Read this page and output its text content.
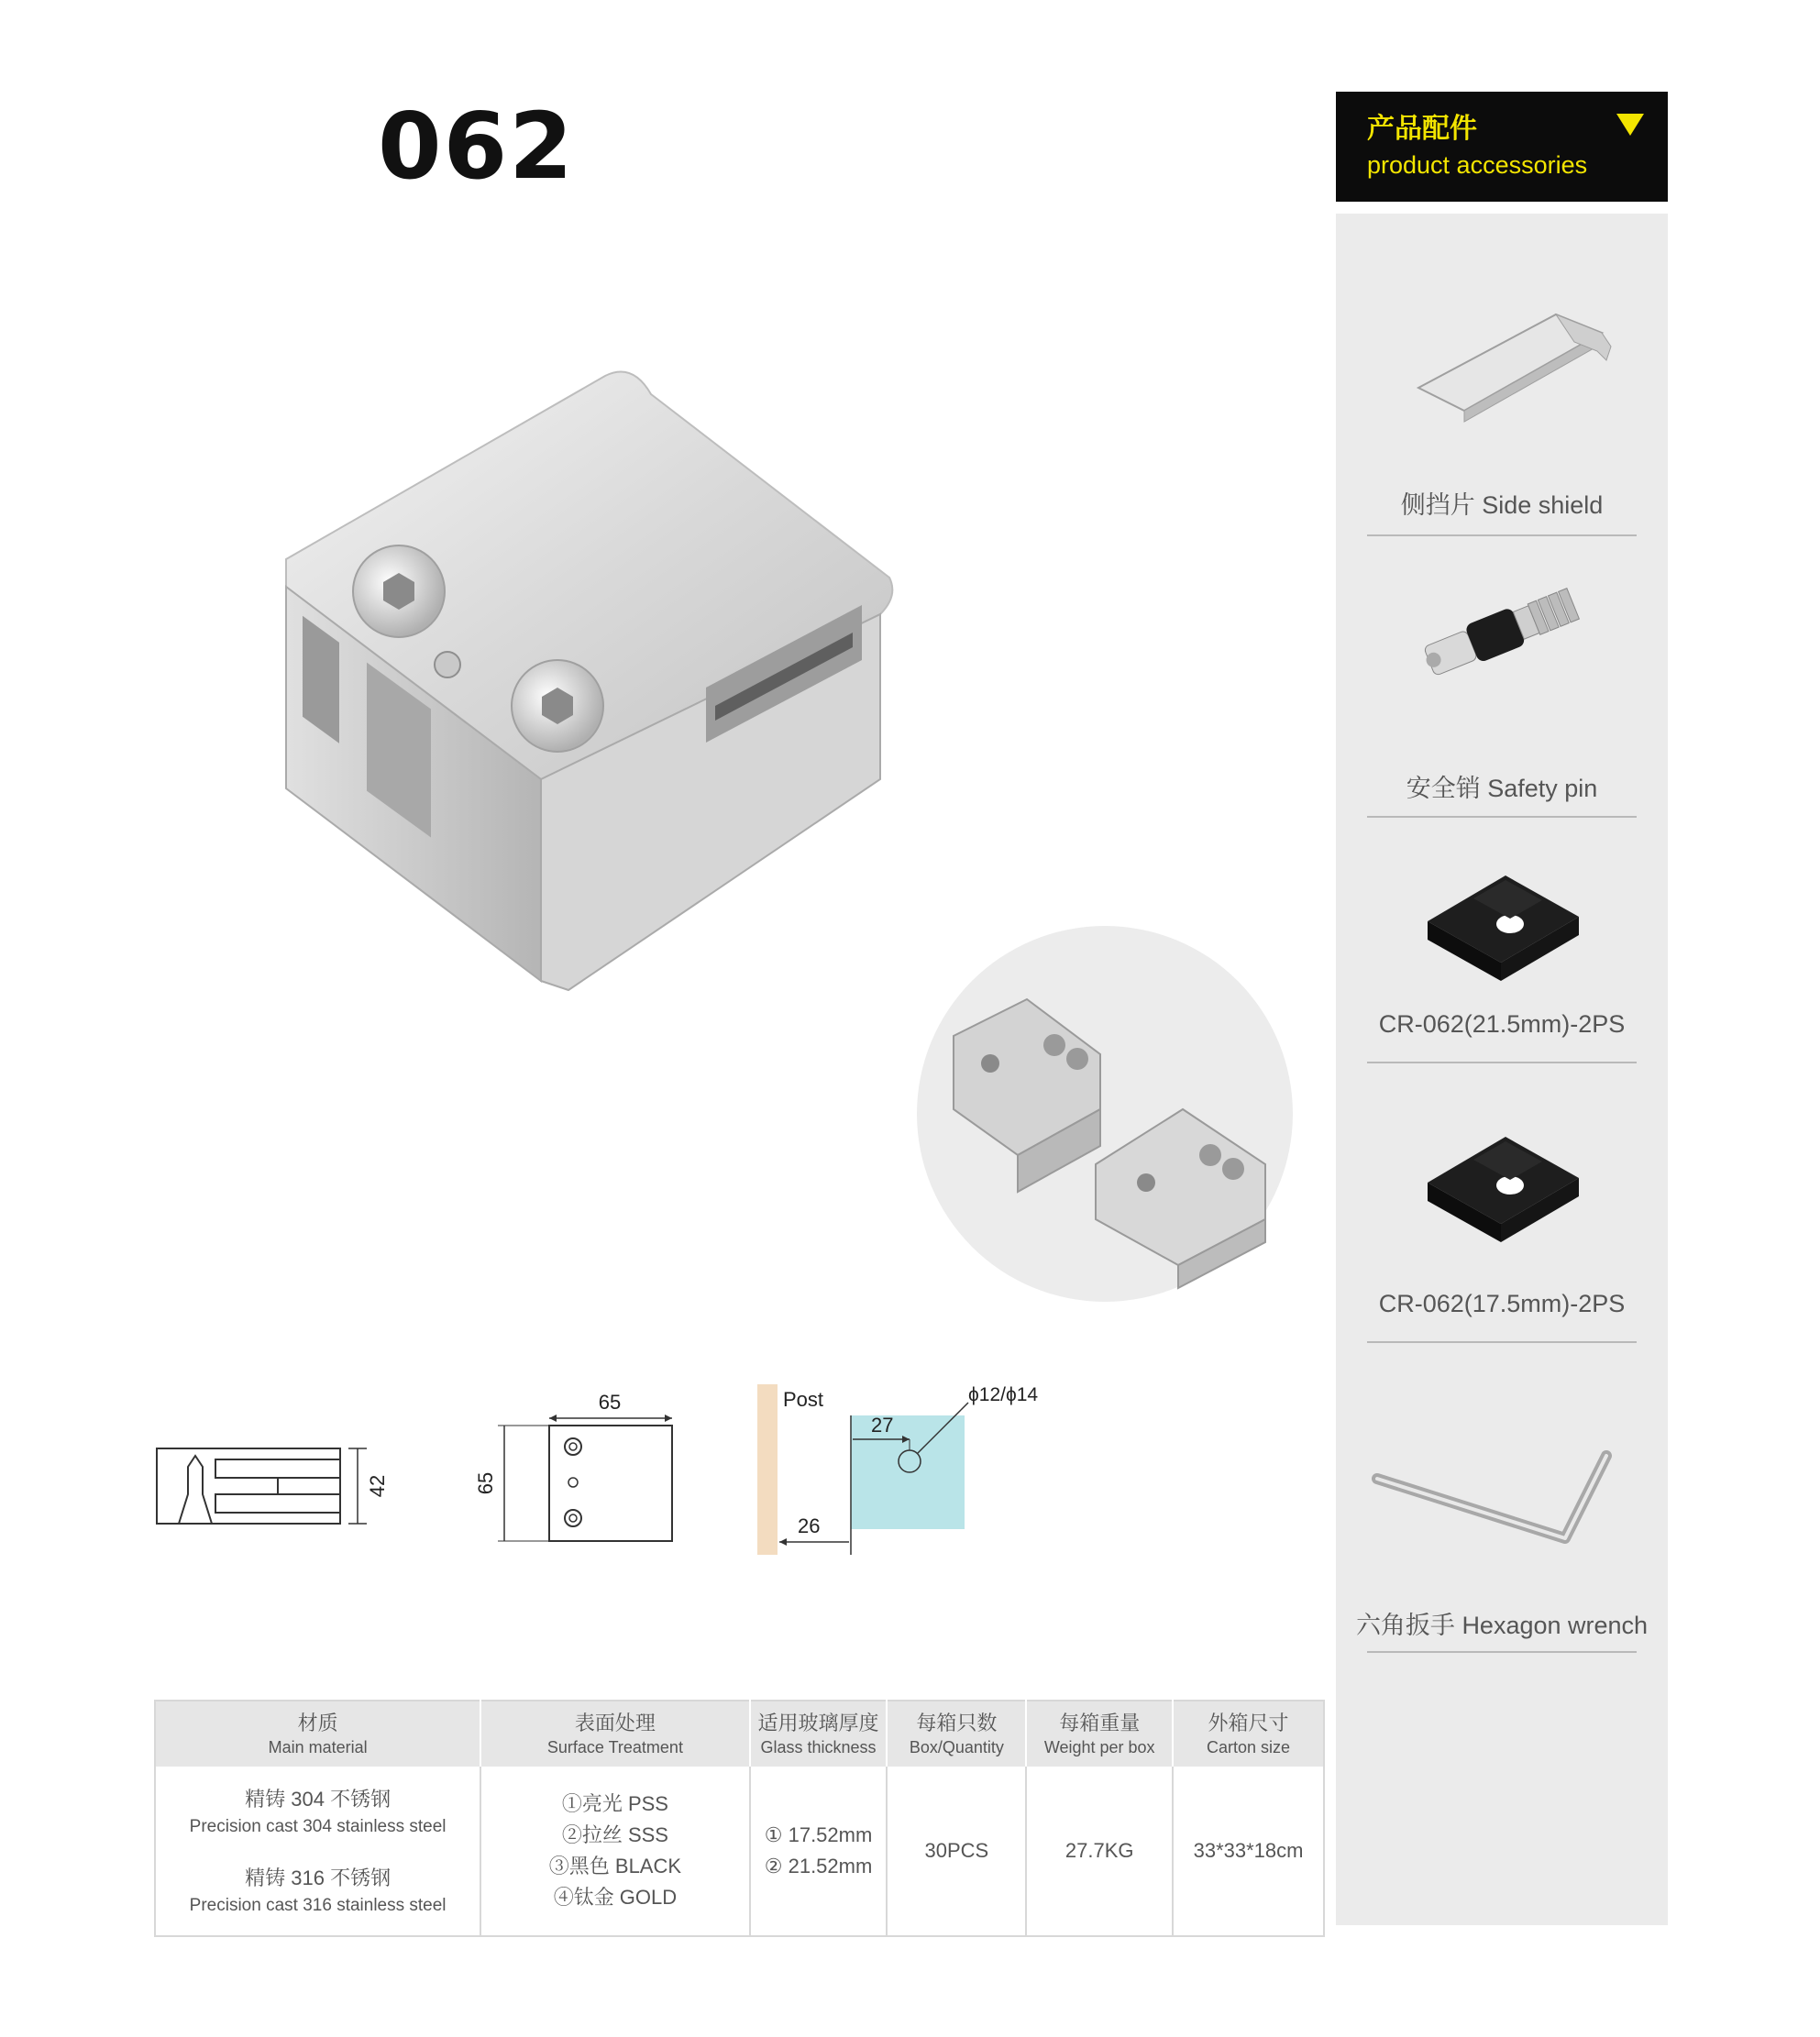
062	产品配件
product accessories
侧挡片 Side shield
安全销 Safety pin
CR-062(21.5mm)-2PS
CR-062(17.5mm)-2PS
六角扳手 Hexagon wrench
42
65
65
Post
27
ϕ12/ϕ14
26
材质
Main material	表面处理
Surface Treatment	适用玻璃厚度
Glass thickness	每箱只数
Box/Quantity	每箱重量
Weight per box	外箱尺寸
Carton size

精铸 304 不锈钢
Precision cast 304 stainless steel
精铸 316 不锈钢
Precision cast 316 stainless steel	①亮光 PSS
②拉丝 SSS
③黑色 BLACK
④钛金 GOLD	① 17.52mm
② 21.52mm	30PCS	27.7KG	33*33*18cm
